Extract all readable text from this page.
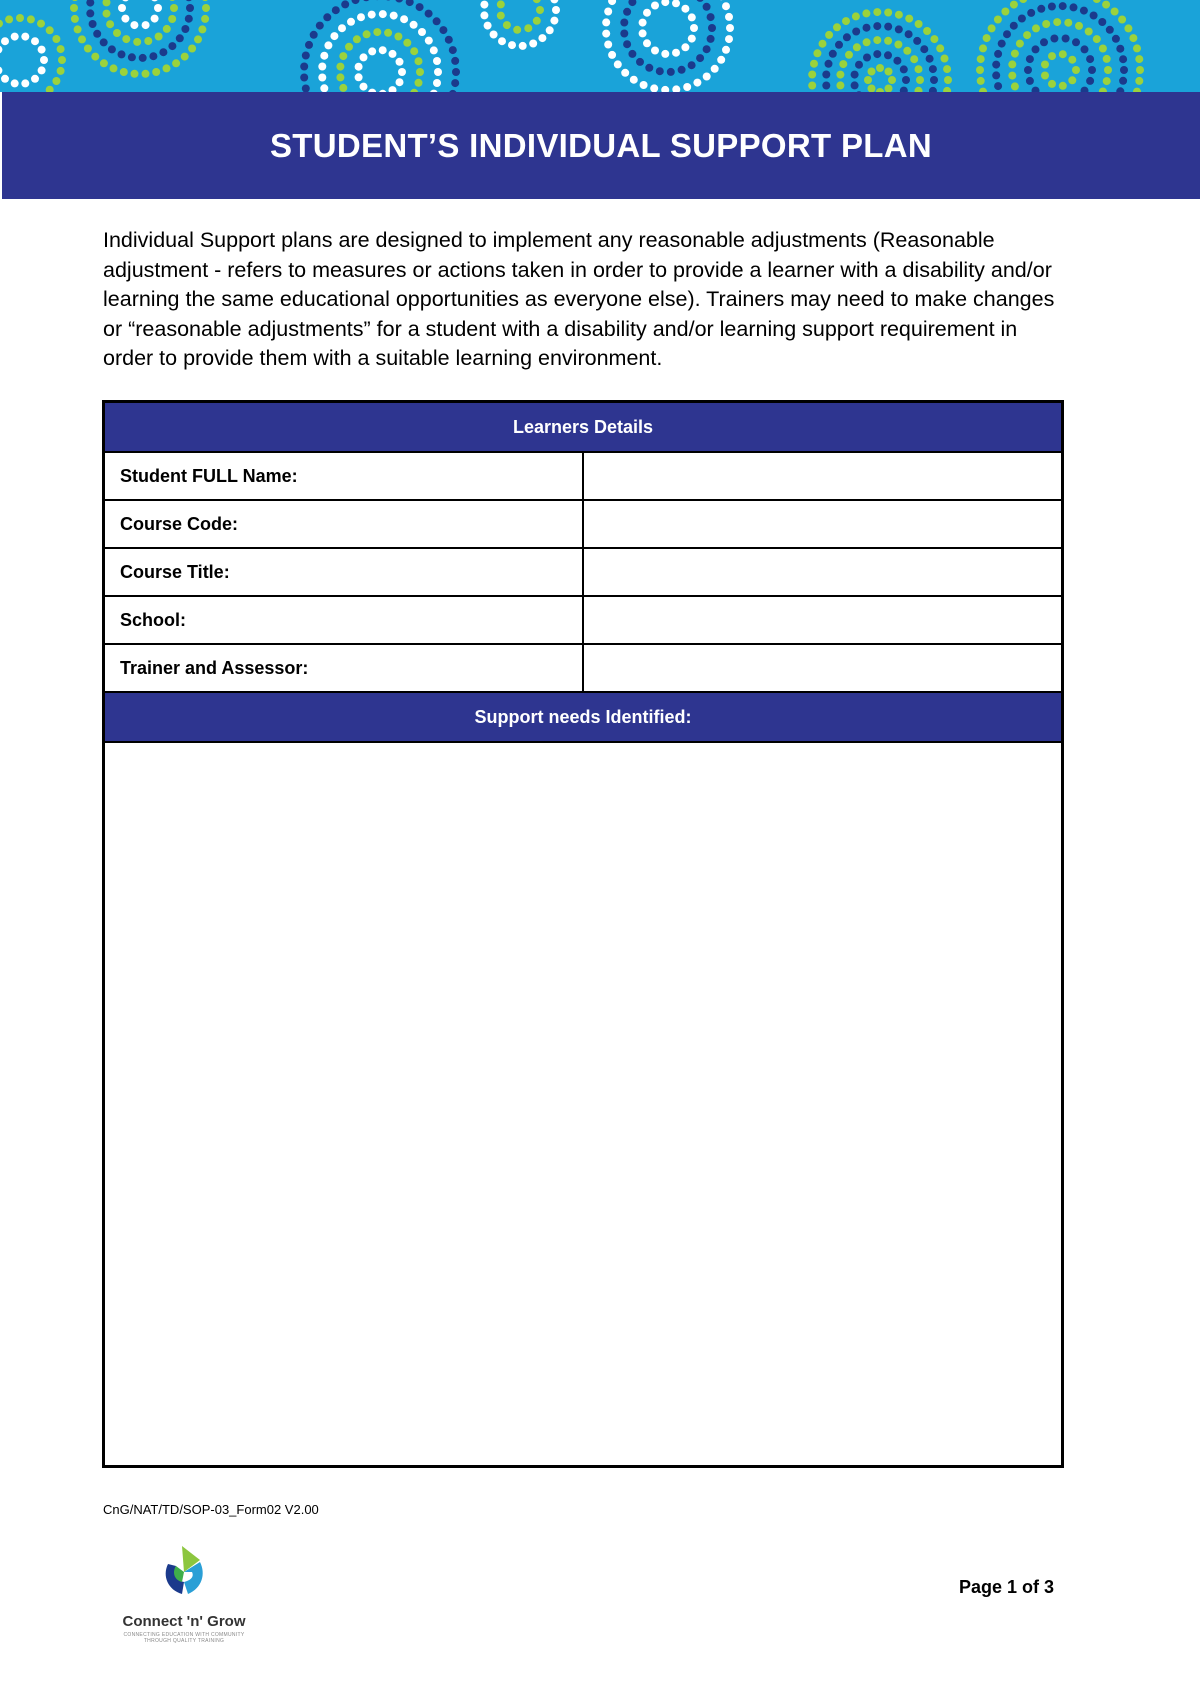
STUDENT’S INDIVIDUAL SUPPORT PLAN

Individual Support plans are designed to implement any reasonable adjustments (Reasonable adjustment - refers to measures or actions taken in order to provide a learner with a disability and/or learning the same educational opportunities as everyone else). Trainers may need to make changes or “reasonable adjustments” for a student with a disability and/or learning support requirement in order to provide them with a suitable learning environment.

Learners Details	
Student FULL Name:	
Course Code:	
Course Title:	
School:	
Trainer and Assessor:	
Support needs Identified:	

CnG/NAT/TD/SOP-03_Form02 V2.00
Connect 'n' Grow
CONNECTING EDUCATION WITH COMMUNITY THROUGH QUALITY TRAINING
Page 1 of 3
